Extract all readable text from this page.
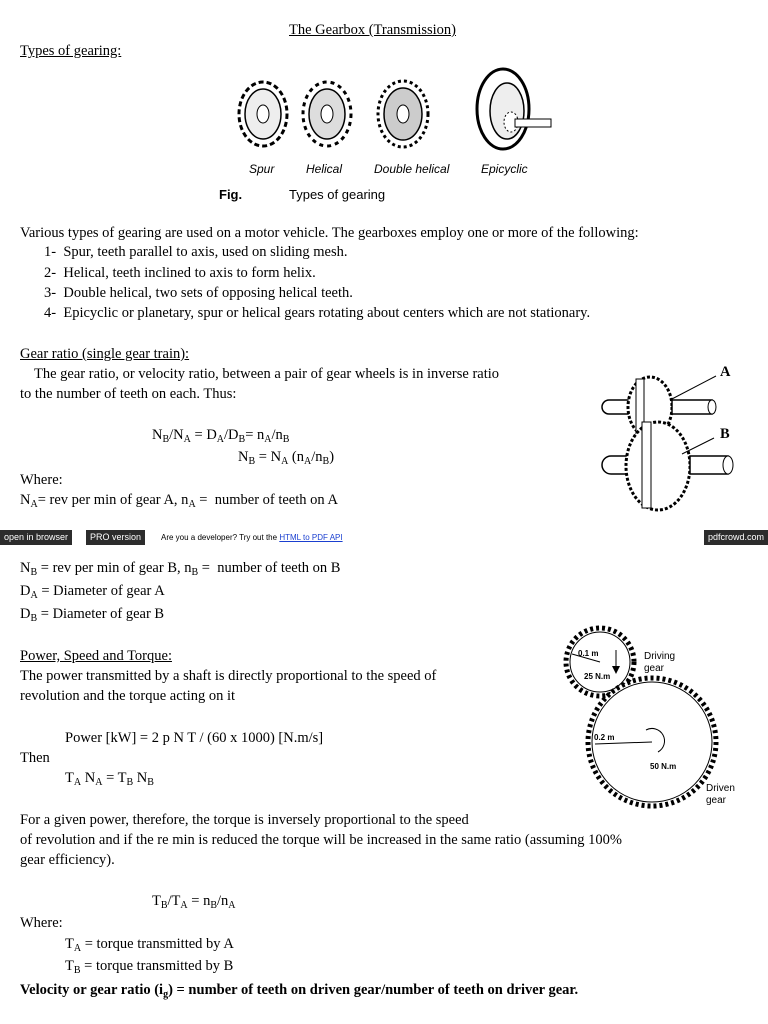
The Gearbox (Transmission)
Types of gearing:
Spur	Helical	Double helical	Epicyclic
Fig.	Types of gearing
Various types of gearing are used on a motor vehicle. The gearboxes employ one or more of the following:
1- Spur, teeth parallel to axis, used on sliding mesh.
2- Helical, teeth inclined to axis to form helix.
3- Double helical, two sets of opposing helical teeth.
4- Epicyclic or planetary, spur or helical gears rotating about centers which are not stationary.
Gear ratio (single gear train):
The gear ratio, or velocity ratio, between a pair of gear wheels is in inverse ratio
to the number of teeth on each. Thus:
$N_B/N_A = D_A/D_B= n_A/n_B$
$N_B = N_A$ $(n_A/n_B)$
Where:
$N_A=$ rev per min of gear A, $n_A$ =  number of teeth on A
A
B
open in browser	PRO version	Are you a developer? Try out the HTML to PDF API	pdfcrowd.com
$N_B$ = rev per min of gear B, $n_B$ =  number of teeth on B
$D_A$ = Diameter of gear A
$D_B$ = Diameter of gear B
Power, Speed and Torque:
The power transmitted by a shaft is directly proportional to the speed of
revolution and the torque acting on it
Power [kW] = 2 p N T / (60 x 1000) [N.m/s]
Then
$T_A$ $N_A = T_B$ $N_B$
0.1 m
25 N.m
Driving
gear
0.2 m
50 N.m
Driven
gear
For a given power, therefore, the torque is inversely proportional to the speed
of revolution and if the re min is reduced the torque will be increased in the same ratio (assuming 100%
gear efficiency).
$T_B/T_A = n_B/n_A$
Where:
$T_A$ = torque transmitted by A
$T_B$ = torque transmitted by B
Velocity or gear ratio $(i_g)$ = number of teeth on driven gear/number of teeth on driver gear.
